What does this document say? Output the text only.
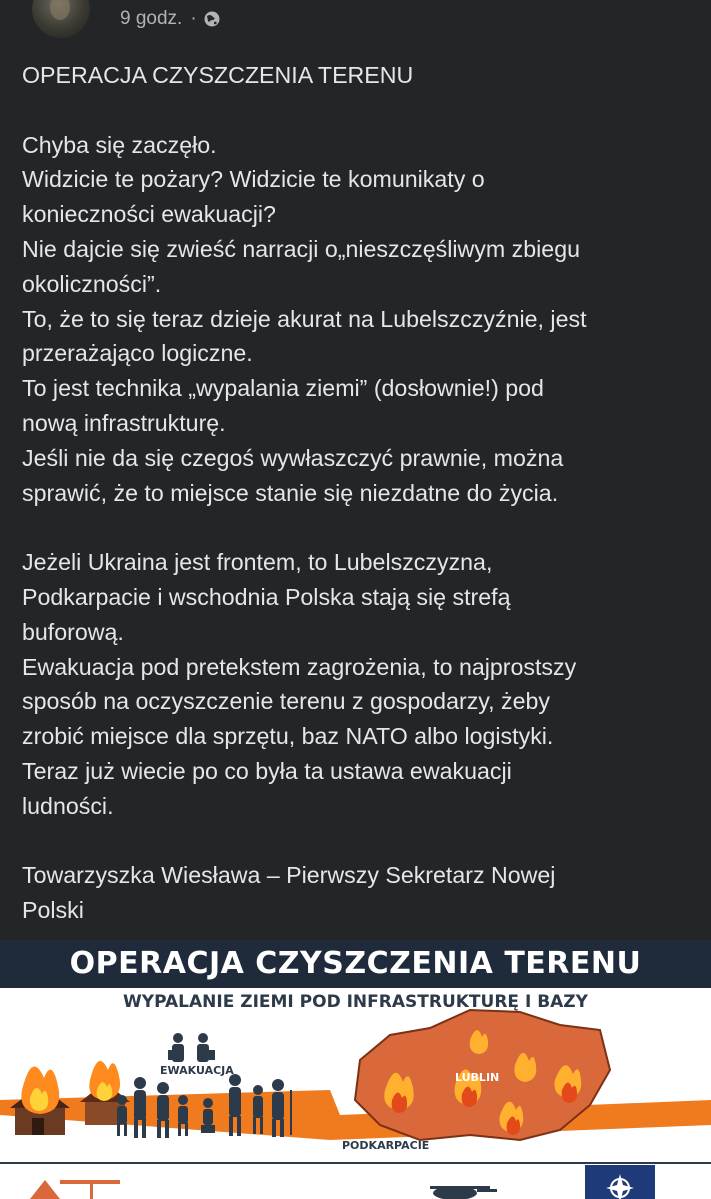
9 godz. ·

OPERACJA CZYSZCZENIA TERENU

Chyba się zaczęło.

Widzicie te pożary? Widzicie te komunikaty o

konieczności ewakuacji?

Nie dajcie się zwieść narracji o„nieszczęśliwym zbiegu

okoliczności”.

To, że to się teraz dzieje akurat na Lubelszczyźnie, jest

przerażająco logiczne.

To jest technika „wypalania ziemi” (dosłownie!) pod

nową infrastrukturę.

Jeśli nie da się czegoś wywłaszczyć prawnie, można

sprawić, że to miejsce stanie się niezdatne do życia.

Jeżeli Ukraina jest frontem, to Lubelszczyzna,

Podkarpacie i wschodnia Polska stają się strefą

buforową.

Ewakuacja pod pretekstem zagrożenia, to najprostszy

sposób na oczyszczenie terenu z gospodarzy, żeby

zrobić miejsce dla sprzętu, baz NATO albo logistyki.

Teraz już wiecie po co była ta ustawa ewakuacji

ludności.

Towarzyszka Wiesława – Pierwszy Sekretarz Nowej

Polski

OPERACJA CZYSZCZENIA TERENU
WYPALANIE ZIEMI POD INFRASTRUKTURĘ I BAZY
EWAKUACJA
LUBLIN
PODKARPACIE
